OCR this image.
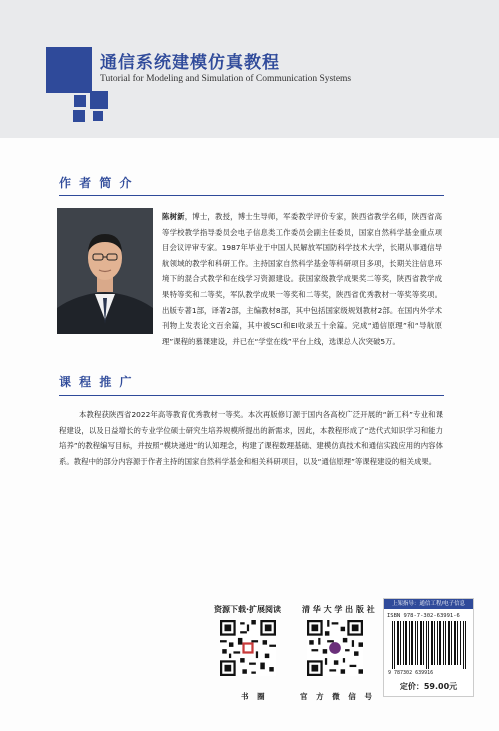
通信系统建模仿真教程
Tutorial for Modeling and Simulation of Communication Systems
作 者 简 介
陈树新，博士，教授，博士生导师，军委教学评价专家，陕西省教学名师，陕西省高等学校教学指导委员会电子信息类工作委员会副主任委员，国家自然科学基金重点项目会议评审专家。1987年毕业于中国人民解放军国防科学技术大学，长期从事通信导航领域的教学和科研工作。主持国家自然科学基金等科研项目多项，长期关注信息环境下的混合式教学和在线学习资源建设。获国家级教学成果奖二等奖，陕西省教学成果特等奖和二等奖，军队教学成果一等奖和二等奖，陕西省优秀教材一等奖等奖项。出版专著1部，译著2部，主编教材8部，其中包括国家级规划教材2部。在国内外学术刊物上发表论文百余篇，其中被SCI和EI收录五十余篇。完成“通信原理”和“导航原理”课程的慕课建设，并已在“学堂在线”平台上线，选课总人次突破5万。
课 程 推 广
本教程获陕西省2022年高等教育优秀教材一等奖。本次再版修订源于国内各高校广泛开展的“新工科”专业和课程建设，以及日益增长的专业学位硕士研究生培养规模所提出的新需求，因此，本教程形成了“迭代式知识学习和能力培养”的教程编写目标，并按照“模块递进”的认知理念，构建了课程数理基础、建模仿真技术和通信实践应用的内容体系。教程中的部分内容源于作者主持的国家自然科学基金和相关科研项目，以及“通信原理”等课程建设的相关成果。
资源下载·扩展阅读
书 圈
清 华 大 学 出 版 社
官 方 微 信 号
上架指导：通信工程/电子信息
ISBN 978-7-302-63991-6
9 787302 639916
定价：59.00元
